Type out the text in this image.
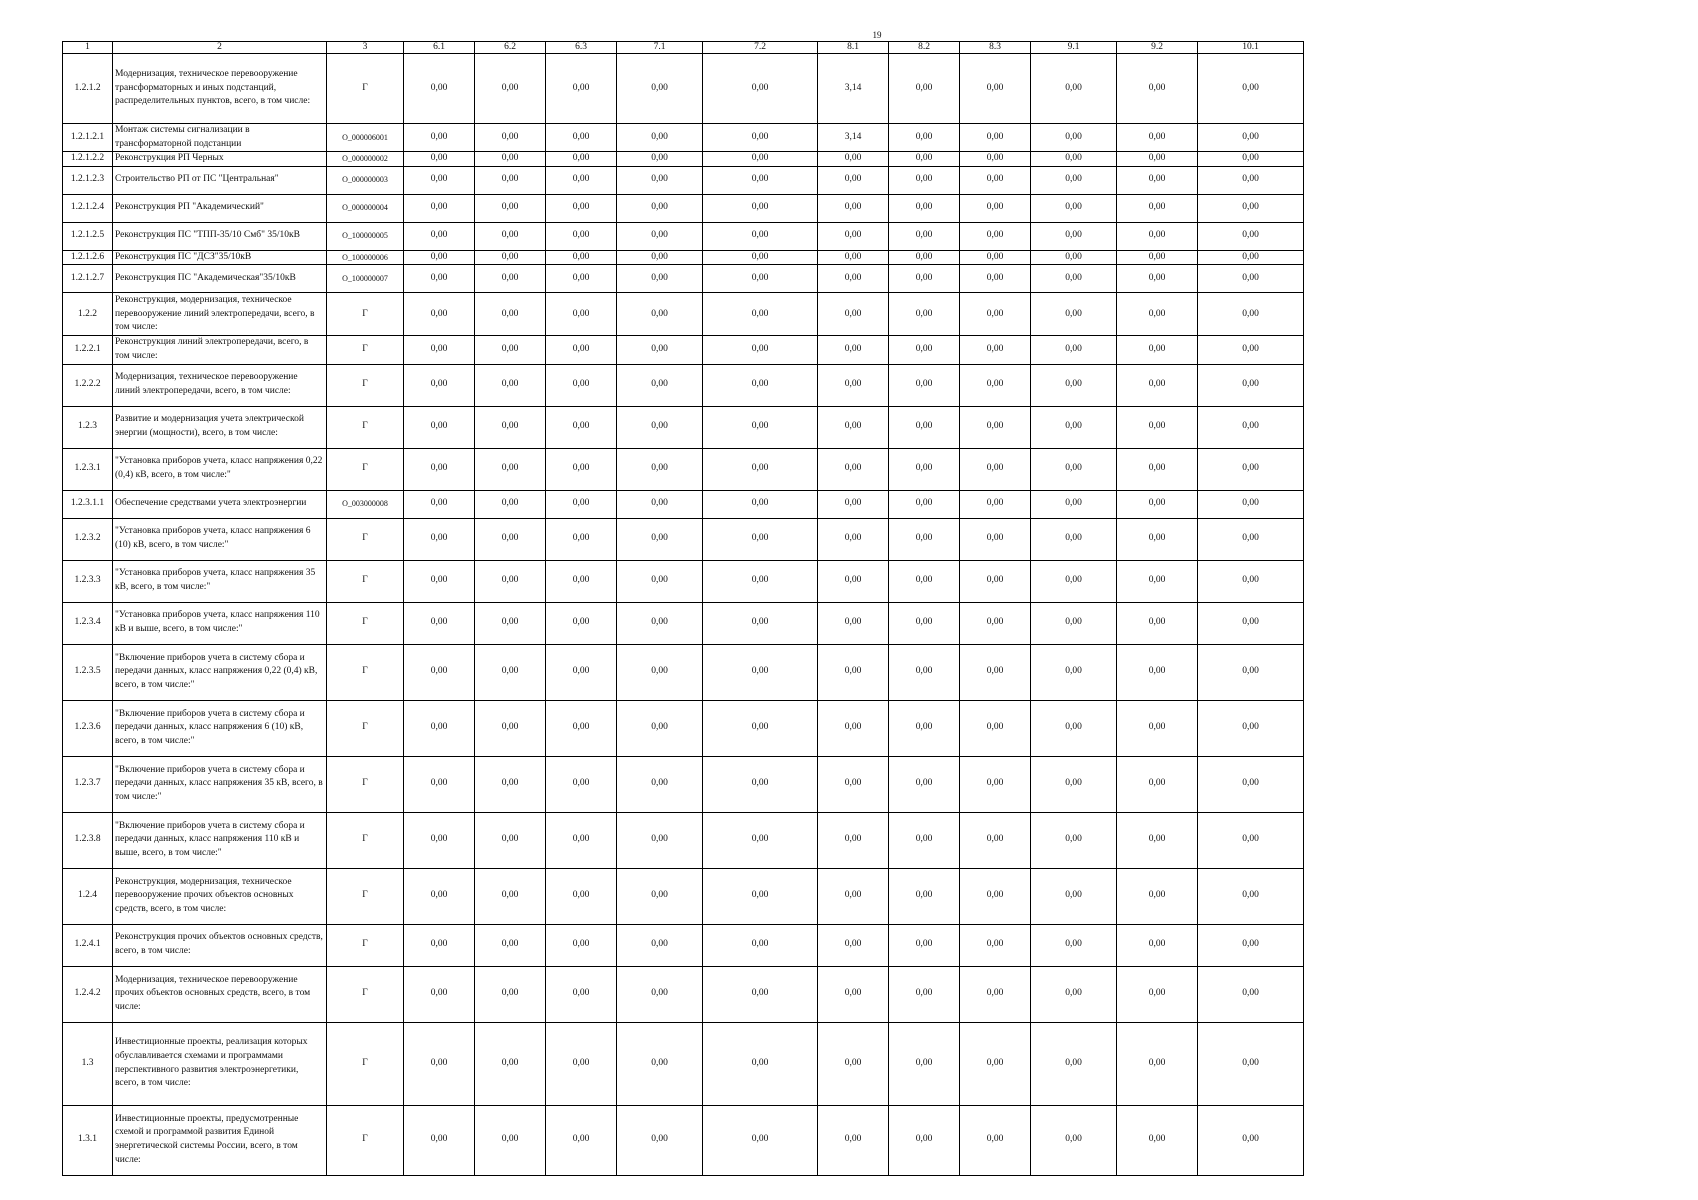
19
1	2	3	6.1	6.2	6.3	7.1	7.2	8.1	8.2	8.3	9.1	9.2	10.1
1.2.1.2	Модернизация, техническое перевооружение трансформаторных и иных подстанций, распределительных пунктов, всего, в том числе:	Г	0,00	0,00	0,00	0,00	0,00	3,14	0,00	0,00	0,00	0,00	0,00
1.2.1.2.1	Монтаж системы сигнализации в трансформаторной подстанции	O_000006001	0,00	0,00	0,00	0,00	0,00	3,14	0,00	0,00	0,00	0,00	0,00
1.2.1.2.2	Реконструкция РП Черных	O_000000002	0,00	0,00	0,00	0,00	0,00	0,00	0,00	0,00	0,00	0,00	0,00
1.2.1.2.3	Строительство РП от ПС "Центральная"	O_000000003	0,00	0,00	0,00	0,00	0,00	0,00	0,00	0,00	0,00	0,00	0,00
1.2.1.2.4	Реконструкция РП "Академический"	O_000000004	0,00	0,00	0,00	0,00	0,00	0,00	0,00	0,00	0,00	0,00	0,00
1.2.1.2.5	Реконструкция ПС "ТПП-35/10 Смб" 35/10кВ	O_100000005	0,00	0,00	0,00	0,00	0,00	0,00	0,00	0,00	0,00	0,00	0,00
1.2.1.2.6	Реконструкция ПС "ДСЗ"35/10кВ	O_100000006	0,00	0,00	0,00	0,00	0,00	0,00	0,00	0,00	0,00	0,00	0,00
1.2.1.2.7	Реконструкция ПС "Академическая"35/10кВ	O_100000007	0,00	0,00	0,00	0,00	0,00	0,00	0,00	0,00	0,00	0,00	0,00
1.2.2	Реконструкция, модернизация, техническое перевооружение линий электропередачи, всего, в том числе:	Г	0,00	0,00	0,00	0,00	0,00	0,00	0,00	0,00	0,00	0,00	0,00
1.2.2.1	Реконструкция линий электропередачи, всего, в том числе:	Г	0,00	0,00	0,00	0,00	0,00	0,00	0,00	0,00	0,00	0,00	0,00
1.2.2.2	Модернизация, техническое перевооружение линий электропередачи, всего, в том числе:	Г	0,00	0,00	0,00	0,00	0,00	0,00	0,00	0,00	0,00	0,00	0,00
1.2.3	Развитие и модернизация учета электрической энергии (мощности), всего, в том числе:	Г	0,00	0,00	0,00	0,00	0,00	0,00	0,00	0,00	0,00	0,00	0,00
1.2.3.1	"Установка приборов учета, класс напряжения 0,22 (0,4) кВ, всего, в том числе:"	Г	0,00	0,00	0,00	0,00	0,00	0,00	0,00	0,00	0,00	0,00	0,00
1.2.3.1.1	Обеспечение средствами учета электроэнергии	O_003000008	0,00	0,00	0,00	0,00	0,00	0,00	0,00	0,00	0,00	0,00	0,00
1.2.3.2	"Установка приборов учета, класс напряжения 6 (10) кВ, всего, в том числе:"	Г	0,00	0,00	0,00	0,00	0,00	0,00	0,00	0,00	0,00	0,00	0,00
1.2.3.3	"Установка приборов учета, класс напряжения 35 кВ, всего, в том числе:"	Г	0,00	0,00	0,00	0,00	0,00	0,00	0,00	0,00	0,00	0,00	0,00
1.2.3.4	"Установка приборов учета, класс напряжения 110 кВ и выше, всего, в том числе:"	Г	0,00	0,00	0,00	0,00	0,00	0,00	0,00	0,00	0,00	0,00	0,00
1.2.3.5	"Включение приборов учета в систему сбора и передачи данных, класс напряжения 0,22 (0,4) кВ, всего, в том числе:"	Г	0,00	0,00	0,00	0,00	0,00	0,00	0,00	0,00	0,00	0,00	0,00
1.2.3.6	"Включение приборов учета в систему сбора и передачи данных, класс напряжения 6 (10) кВ, всего, в том числе:"	Г	0,00	0,00	0,00	0,00	0,00	0,00	0,00	0,00	0,00	0,00	0,00
1.2.3.7	"Включение приборов учета в систему сбора и передачи данных, класс напряжения 35 кВ, всего, в том числе:"	Г	0,00	0,00	0,00	0,00	0,00	0,00	0,00	0,00	0,00	0,00	0,00
1.2.3.8	"Включение приборов учета в систему сбора и передачи данных, класс напряжения 110 кВ и выше, всего, в том числе:"	Г	0,00	0,00	0,00	0,00	0,00	0,00	0,00	0,00	0,00	0,00	0,00
1.2.4	Реконструкция, модернизация, техническое перевооружение прочих объектов основных средств, всего, в том числе:	Г	0,00	0,00	0,00	0,00	0,00	0,00	0,00	0,00	0,00	0,00	0,00
1.2.4.1	Реконструкция прочих объектов основных средств, всего, в том числе:	Г	0,00	0,00	0,00	0,00	0,00	0,00	0,00	0,00	0,00	0,00	0,00
1.2.4.2	Модернизация, техническое перевооружение прочих объектов основных средств, всего, в том числе:	Г	0,00	0,00	0,00	0,00	0,00	0,00	0,00	0,00	0,00	0,00	0,00
1.3	Инвестиционные проекты, реализация которых обуславливается схемами и программами перспективного развития электроэнергетики, всего, в том числе:	Г	0,00	0,00	0,00	0,00	0,00	0,00	0,00	0,00	0,00	0,00	0,00
1.3.1	Инвестиционные проекты, предусмотренные схемой и программой развития Единой энергетической системы России, всего, в том числе:	Г	0,00	0,00	0,00	0,00	0,00	0,00	0,00	0,00	0,00	0,00	0,00
